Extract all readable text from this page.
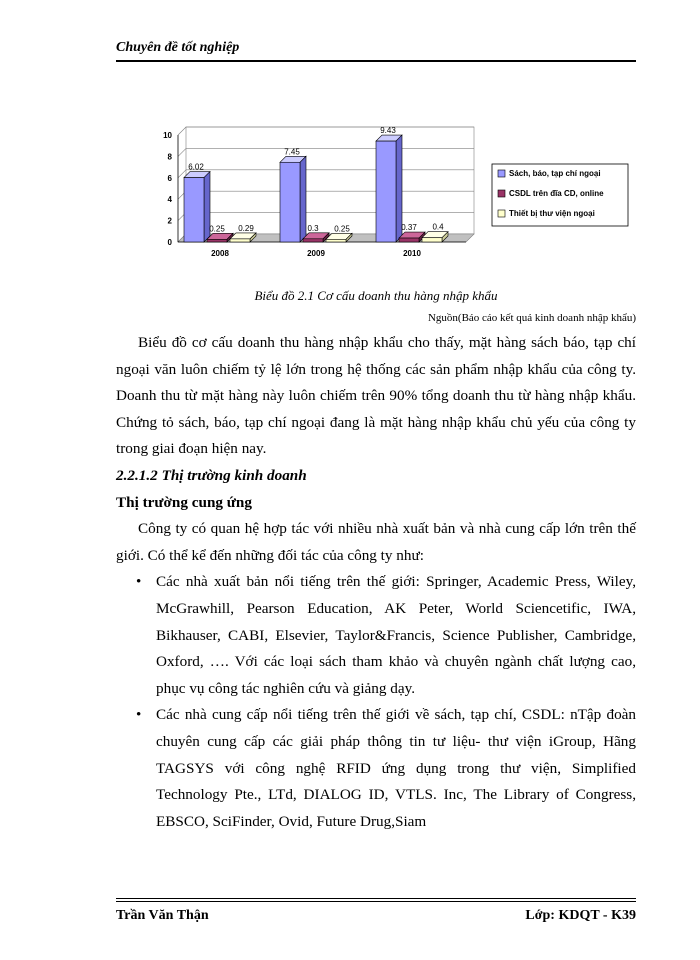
Chuyên đề tốt nghiệp
0
2
4
6
8
10
6.02
0.25 0.29
2008
7.45
0.3 0.25
2009
9.43
0.37 0.4
2010
Sách, báo, tạp chí ngoại
CSDL trên đĩa CD, online
Thiết bị thư viện ngoại
Biểu đồ 2.1 Cơ cấu doanh thu hàng nhập khẩu
Nguồn(Báo cáo kết quả kinh doanh nhập khẩu)

Biểu đồ cơ cấu doanh thu hàng nhập khẩu cho thấy, mặt hàng sách báo, tạp chí ngoại văn luôn chiếm tỷ lệ lớn trong hệ thống các sản phẩm nhập khẩu của công ty. Doanh thu từ mặt hàng này luôn chiếm trên 90% tổng doanh thu từ hàng nhập khẩu. Chứng tỏ sách, báo, tạp chí ngoại đang là mặt hàng nhập khẩu chủ yếu của công ty trong giai đoạn hiện nay.

2.2.1.2 Thị trường kinh doanh

Thị trường cung ứng

Công ty có quan hệ hợp tác với nhiều nhà xuất bản và nhà cung cấp lớn trên thế giới. Có thể kể đến những đối tác của công ty như:

• Các nhà xuất bản nổi tiếng trên thế giới: Springer, Academic Press, Wiley, McGrawhill, Pearson Education, AK Peter, World Sciencetific, IWA, Bikhauser, CABI, Elsevier, Taylor&Francis, Science Publisher, Cambridge, Oxford, …. Với các loại sách tham khảo và chuyên ngành chất lượng cao, phục vụ công tác nghiên cứu và giảng dạy.
• Các nhà cung cấp nổi tiếng trên thế giới về sách, tạp chí, CSDL: nTập đoàn chuyên cung cấp các giải pháp thông tin tư liệu- thư viện iGroup, Hãng TAGSYS với công nghệ RFID ứng dụng trong thư viện, Simplified Technology Pte., LTd, DIALOG ID, VTLS. Inc, The Library of Congress, EBSCO, SciFinder, Ovid, Future Drug,Siam
Trần Văn Thận	Lớp: KDQT - K39
